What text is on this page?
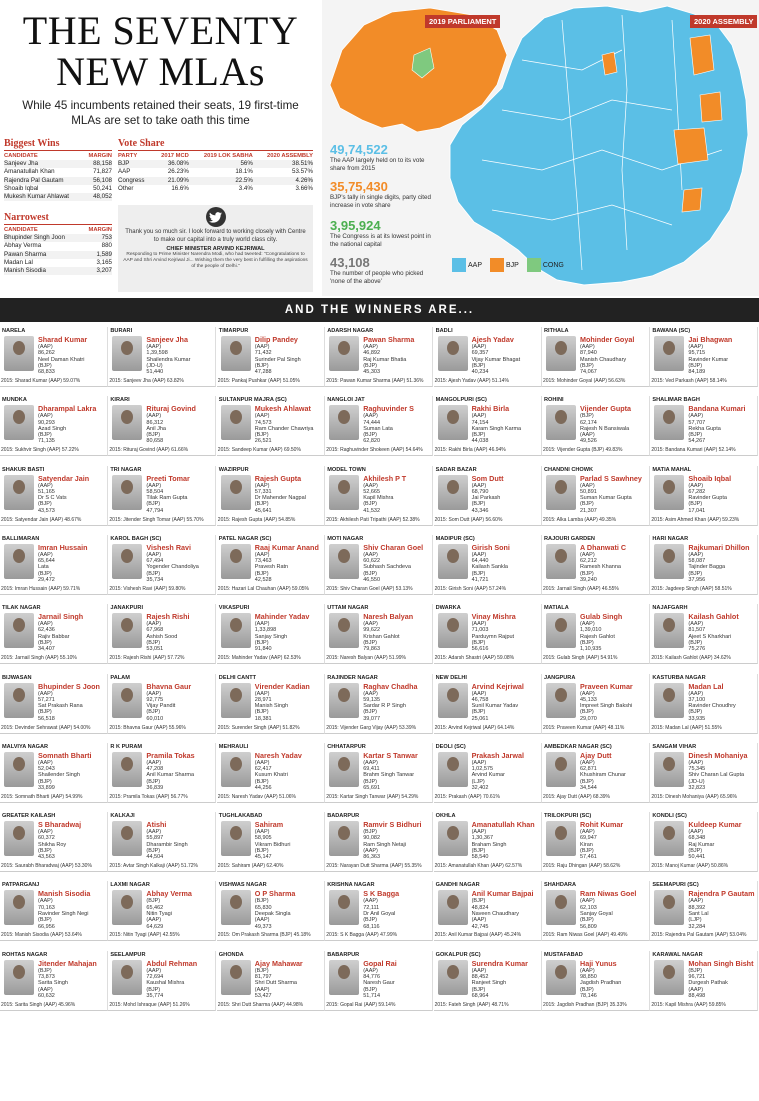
THE SEVENTY NEW MLAs
While 45 incumbents retained their seats, 19 first-time MLAs are set to take oath this time
Biggest Wins
CANDIDATE	MARGIN
Sanjeev Jha	88,158
Amanatullah Khan	71,827
Rajendra Pal Gautam	56,108
Shoaib Iqbal	50,241
Mukesh Kumar Ahlawat	48,052
Narrowest
CANDIDATE	MARGIN
Bhupinder Singh Joon	753
Abhay Verma	880
Pawan Sharma	1,589
Madan Lal	3,165
Manish Sisodia	3,207
Vote Share
PARTY	2017 MCD	2019 LOK SABHA	2020 ASSEMBLY
BJP	36.08%	56%	38.51%
AAP	26.23%	18.1%	53.57%
Congress	21.09%	22.5%	4.26%
Other	16.6%	3.4%	3.66%
Thank you so much sir. I look forward to working closely with Centre to make our capital into a truly world class city.
CHIEF MINISTER ARVIND KEJRIWAL
Responding to Prime Minister Narendra Modi, who had tweeted: "Congratulations to AAP and Shri Arvind Kejriwal Ji... Wishing them the very best in fulfilling the aspirations of the people of Delhi."
2019 PARLIAMENT	2020 ASSEMBLY
49,74,522
The AAP largely held on to its vote share from 2015
35,75,430
BJP's tally in single digits, party cited increase in vote share
3,95,924
The Congress is at its lowest point in the national capital
43,108
The number of people who picked 'none of the above'
AAP	BJP	CONG
AND THE WINNERS ARE...
NARELA
Sharad Kumar
(AAP)
86,262
Neel Daman Khatri
(BJP)
68,833
2015: Sharad Kumar (AAP) 59.07%
BURARI
Sanjeev Jha
(AAP)
1,39,598
Shailendra Kumar
(JD-U)
51,440
2015: Sanjeev Jha (AAP) 63.82%
TIMARPUR
Dilip Pandey
(AAP)
71,432
Surinder Pal Singh
(BJP)
47,288
2015: Pankaj Pushkar (AAP) 51.05%
ADARSH NAGAR
Pawan Sharma
(AAP)
46,892
Raj Kumar Bhatia
(BJP)
45,303
2015: Pawan Kumar Sharma (AAP) 51.36%
BADLI
Ajesh Yadav
(AAP)
69,357
Vijay Kumar Bhagat
(BJP)
40,234
2015: Ajesh Yadav (AAP) 51.14%
RITHALA
Mohinder Goyal
(AAP)
87,940
Manish Chaudhary
(BJP)
74,067
2015: Mohinder Goyal (AAP) 56.63%
BAWANA (SC)
Jai Bhagwan
(AAP)
95,715
Ravinder Kumar
(BJP)
84,189
2015: Ved Parkash (AAP) 58.14%
MUNDKA
Dharampal Lakra
(AAP)
90,293
Azad Singh
(BJP)
71,135
2015: Sukhvir Singh (AAP) 57.22%
KIRARI
Rituraj Govind
(AAP)
86,312
Anil Jha
(BJP)
80,658
2015: Rituraj Govind (AAP) 61.66%
SULTANPUR MAJRA (SC)
Mukesh Ahlawat
(AAP)
74,573
Ram Chander Chawriya
(BJP)
26,521
2015: Sandeep Kumar (AAP) 69.50%
NANGLOI JAT
Raghuvinder S
(AAP)
74,444
Suman Lata
(BJP)
62,820
2015: Raghuvinder Shokeen (AAP) 54.64%
MANGOLPURI (SC)
Rakhi Birla
(AAP)
74,154
Karam Singh Karma
(BJP)
44,038
2015: Rakhi Birla (AAP) 46.94%
ROHINI
Vijender Gupta
(BJP)
62,174
Rajesh N Bansiwala
(AAP)
49,526
2015: Vijender Gupta (BJP) 49.83%
SHALIMAR BAGH
Bandana Kumari
(AAP)
57,707
Rekha Gupta
(BJP)
54,267
2015: Bandana Kumari (AAP) 52.14%
SHAKUR BASTI
Satyendar Jain
(AAP)
51,165
Dr S C Vats
(BJP)
43,573
2015: Satyendar Jain (AAP) 48.67%
TRI NAGAR
Preeti Tomar
(AAP)
58,504
Tilak Ram Gupta
(BJP)
47,794
2015: Jitender Singh Tomar (AAP) 55.70%
WAZIRPUR
Rajesh Gupta
(AAP)
57,331
Dr Mahender Nagpal
(BJP)
45,641
2015: Rajesh Gupta (AAP) 54.85%
MODEL TOWN
Akhilesh P T
(AAP)
52,665
Kapil Mishra
(BJP)
41,532
2015: Akhilesh Pati Tripathi (AAP) 52.38%
SADAR BAZAR
Som Dutt
(AAP)
68,790
Jai Parkash
(BJP)
43,346
2015: Som Dutt (AAP) 56.60%
CHANDNI CHOWK
Parlad S Sawhney
(AAP)
50,891
Suman Kumar Gupta
(BJP)
21,307
2015: Alka Lamba (AAP) 49.35%
MATIA MAHAL
Shoaib Iqbal
(AAP)
67,282
Ravinder Gupta
(BJP)
17,041
2015: Asim Ahmed Khan (AAP) 59.23%
BALLIMARAN
Imran Hussain
(AAP)
65,644
Lata
(BJP)
29,472
2015: Imran Hussain (AAP) 59.71%
KAROL BAGH (SC)
Vishesh Ravi
(AAP)
67,494
Yogender Chandoliya
(BJP)
35,734
2015: Vishesh Ravi (AAP) 59.80%
PATEL NAGAR (SC)
Raaj Kumar Anand
(AAP)
73,463
Pravesh Ratn
(BJP)
42,528
2015: Hazari Lal Chauhan (AAP) 59.05%
MOTI NAGAR
Shiv Charan Goel
(AAP)
60,622
Subhash Sachdeva
(BJP)
46,550
2015: Shiv Charan Goel (AAP) 53.13%
MADIPUR (SC)
Girish Soni
(AAP)
64,440
Kailash Sankla
(BJP)
41,721
2015: Girish Soni (AAP) 57.24%
RAJOURI GARDEN
A Dhanwati C
(AAP)
62,212
Ramesh Khanna
(BJP)
39,240
2015: Jarnail Singh (AAP) 46.55%
HARI NAGAR
Rajkumari Dhillon
(AAP)
58,087
Tajinder Bagga
(BJP)
37,956
2015: Jagdeep Singh (AAP) 58.51%
TILAK NAGAR
Jarnail Singh
(AAP)
62,436
Rajiv Babbar
(BJP)
34,407
2015: Jarnail Singh (AAP) 55.10%
JANAKPURI
Rajesh Rishi
(AAP)
67,968
Ashish Sood
(BJP)
53,051
2015: Rajesh Rishi (AAP) 57.72%
VIKASPURI
Mahinder Yadav
(AAP)
1,33,898
Sanjay Singh
(BJP)
91,840
2015: Mahinder Yadav (AAP) 62.53%
UTTAM NAGAR
Naresh Balyan
(AAP)
99,622
Krishan Gahlot
(BJP)
79,863
2015: Naresh Balyan (AAP) 51.99%
DWARKA
Vinay Mishra
(AAP)
71,003
Parduymn Rajput
(BJP)
56,616
2015: Adarsh Shastri (AAP) 59.08%
MATIALA
Gulab Singh
(AAP)
1,39,010
Rajesh Gahlot
(BJP)
1,10,935
2015: Gulab Singh (AAP) 54.91%
NAJAFGARH
Kailash Gahlot
(AAP)
81,507
Ajeet S Kharkhari
(BJP)
75,276
2015: Kailash Gahlot (AAP) 34.62%
BIJWASAN
Bhupinder S Joon
(AAP)
57,271
Sat Prakash Rana
(BJP)
56,518
2015: Devinder Sehrawat (AAP) 54.00%
PALAM
Bhavna Gaur
(AAP)
92,775
Vijay Pandit
(BJP)
60,010
2015: Bhavna Gaur (AAP) 55.96%
DELHI CANTT
Virender Kadian
(AAP)
28,971
Manish Singh
(BJP)
18,381
2015: Surender Singh (AAP) 51.82%
RAJINDER NAGAR
Raghav Chadha
(AAP)
59,135
Sardar R P Singh
(BJP)
39,077
2015: Vijender Garg Vijay (AAP) 53.39%
NEW DELHI
Arvind Kejriwal
(AAP)
46,758
Sunil Kumar Yadav
(BJP)
25,061
2015: Arvind Kejriwal (AAP) 64.14%
JANGPURA
Praveen Kumar
(AAP)
45,133
Impreet Singh Bakshi
(BJP)
29,070
2015: Praveen Kumar (AAP) 48.11%
KASTURBA NAGAR
Madan Lal
(AAP)
37,100
Ravinder Choudhry
(BJP)
33,935
2015: Madan Lal (AAP) 51.55%
MALVIYA NAGAR
Somnath Bharti
(AAP)
52,043
Shailender Singh
(BJP)
33,899
2015: Somnath Bharti (AAP) 54.99%
R K PURAM
Pramila Tokas
(AAP)
47,208
Anil Kumar Sharma
(BJP)
36,839
2015: Pramila Tokas (AAP) 56.77%
MEHRAULI
Naresh Yadav
(AAP)
62,417
Kusum Khatri
(BJP)
44,256
2015: Naresh Yadav (AAP) 51.06%
CHHATARPUR
Kartar S Tanwar
(AAP)
69,411
Brahm Singh Tanwar
(BJP)
65,691
2015: Kartar Singh Tanwar (AAP) 54.29%
DEOLI (SC)
Prakash Jarwal
(AAP)
1,02,575
Arvind Kumar
(LJP)
32,402
2015: Prakash (AAP) 70.61%
AMBEDKAR NAGAR (SC)
Ajay Dutt
(AAP)
62,871
Khushiram Chunar
(BJP)
34,544
2015: Ajay Dutt (AAP) 68.39%
SANGAM VIHAR
Dinesh Mohaniya
(AAP)
75,345
Shiv Charan Lal Gupta
(JD-U)
32,823
2015: Dinesh Mohaniya (AAP) 65.96%
GREATER KAILASH
S Bharadwaj
(AAP)
60,372
Shikha Roy
(BJP)
43,563
2015: Saurabh Bharadwaj (AAP) 53.30%
KALKAJI
Atishi
(AAP)
55,897
Dharambir Singh
(BJP)
44,504
2015: Avtar Singh Kalkaji (AAP) 51.72%
TUGHLAKABAD
Sahiram
(AAP)
58,905
Vikram Bidhuri
(BJP)
45,147
2015: Sahiram (AAP) 62.40%
BADARPUR
Ramvir S Bidhuri
(BJP)
90,082
Ram Singh Netaji
(AAP)
86,363
2015: Narayan Dutt Sharma (AAP) 55.35%
OKHLA
Amanatullah Khan
(AAP)
1,30,367
Braham Singh
(BJP)
58,540
2015: Amanatullah Khan (AAP) 62.57%
TRILOKPURI (SC)
Rohit Kumar
(AAP)
69,947
Kiran
(BJP)
57,461
2015: Raju Dhingan (AAP) 58.62%
KONDLI (SC)
Kuldeep Kumar
(AAP)
68,348
Raj Kumar
(BJP)
50,441
2015: Manoj Kumar (AAP) 50.86%
PATPARGANJ
Manish Sisodia
(AAP)
70,163
Ravinder Singh Negi
(BJP)
66,956
2015: Manish Sisodia (AAP) 53.64%
LAXMI NAGAR
Abhay Verma
(BJP)
65,462
Nitin Tyagi
(AAP)
64,629
2015: Nitin Tyagi (AAP) 42.55%
VISHWAS NAGAR
O P Sharma
(BJP)
65,830
Deepak Singla
(AAP)
49,373
2015: Om Prakash Sharma (BJP) 45.18%
KRISHNA NAGAR
S K Bagga
(AAP)
72,111
Dr Anil Goyal
(BJP)
68,116
2015: S K Bagga (AAP) 47.99%
GANDHI NAGAR
Anil Kumar Bajpai
(BJP)
48,824
Naveen Chaudhary
(AAP)
42,745
2015: Anil Kumar Bajpai (AAP) 45.24%
SHAHDARA
Ram Niwas Goel
(AAP)
62,103
Sanjay Goyal
(BJP)
56,809
2015: Ram Niwas Goel (AAP) 49.49%
SEEMAPURI (SC)
Rajendra P Gautam
(AAP)
88,392
Sant Lal
(LJP)
32,284
2015: Rajendra Pal Gautam (AAP) 53.04%
ROHTAS NAGAR
Jitender Mahajan
(BJP)
73,873
Sarita Singh
(AAP)
60,632
2015: Sarita Singh (AAP) 45.96%
SEELAMPUR
Abdul Rehman
(AAP)
72,694
Kaushal Mishra
(BJP)
35,774
2015: Mohd Ishraque (AAP) 51.26%
GHONDA
Ajay Mahawar
(BJP)
81,797
Shri Dutt Sharma
(AAP)
53,427
2015: Shri Dutt Sharma (AAP) 44.98%
BABARPUR
Gopal Rai
(AAP)
84,776
Naresh Gaur
(BJP)
51,714
2015: Gopal Rai (AAP) 59.14%
GOKALPUR (SC)
Surendra Kumar
(AAP)
88,452
Ranjeet Singh
(BJP)
68,964
2015: Fateh Singh (AAP) 48.71%
MUSTAFABAD
Haji Yunus
(AAP)
98,850
Jagdish Pradhan
(BJP)
78,146
2015: Jagdish Pradhan (BJP) 35.33%
KARAWAL NAGAR
Mohan Singh Bisht
(BJP)
96,721
Durgesh Pathak
(AAP)
88,498
2015: Kapil Mishra (AAP) 59.85%
